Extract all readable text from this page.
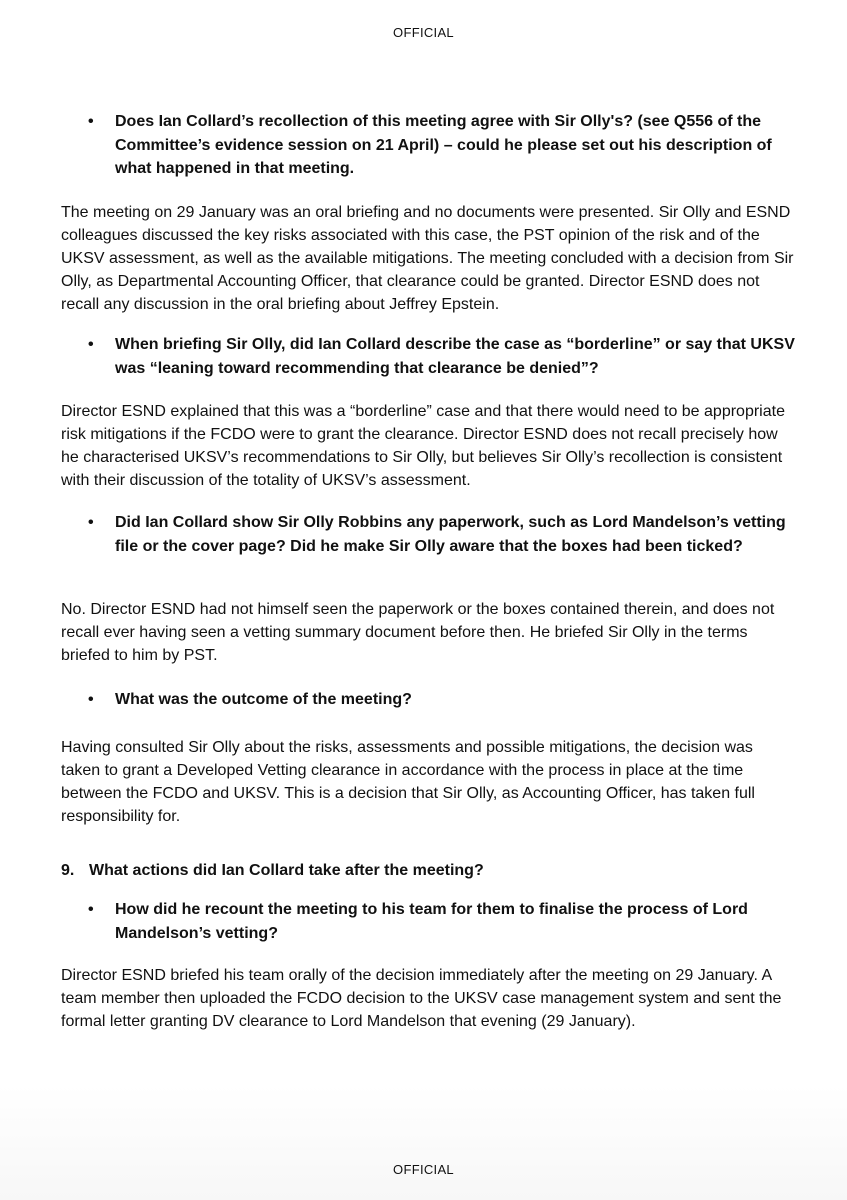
OFFICIAL
• Does Ian Collard’s recollection of this meeting agree with Sir Olly's? (see Q556 of the Committee’s evidence session on 21 April) – could he please set out his description of what happened in that meeting.

The meeting on 29 January was an oral briefing and no documents were presented. Sir Olly and ESND colleagues discussed the key risks associated with this case, the PST opinion of the risk and of the UKSV assessment, as well as the available mitigations. The meeting concluded with a decision from Sir Olly, as Departmental Accounting Officer, that clearance could be granted. Director ESND does not recall any discussion in the oral briefing about Jeffrey Epstein.

• When briefing Sir Olly, did Ian Collard describe the case as “borderline” or say that UKSV was “leaning toward recommending that clearance be denied”?

Director ESND explained that this was a “borderline” case and that there would need to be appropriate risk mitigations if the FCDO were to grant the clearance. Director ESND does not recall precisely how he characterised UKSV’s recommendations to Sir Olly, but believes Sir Olly’s recollection is consistent with their discussion of the totality of UKSV’s assessment.

• Did Ian Collard show Sir Olly Robbins any paperwork, such as Lord Mandelson’s vetting file or the cover page? Did he make Sir Olly aware that the boxes had been ticked?

No. Director ESND had not himself seen the paperwork or the boxes contained therein, and does not recall ever having seen a vetting summary document before then. He briefed Sir Olly in the terms briefed to him by PST.

• What was the outcome of the meeting?

Having consulted Sir Olly about the risks, assessments and possible mitigations, the decision was taken to grant a Developed Vetting clearance in accordance with the process in place at the time between the FCDO and UKSV. This is a decision that Sir Olly, as Accounting Officer, has taken full responsibility for.

9. What actions did Ian Collard take after the meeting?

• How did he recount the meeting to his team for them to finalise the process of Lord Mandelson’s vetting?

Director ESND briefed his team orally of the decision immediately after the meeting on 29 January. A team member then uploaded the FCDO decision to the UKSV case management system and sent the formal letter granting DV clearance to Lord Mandelson that evening (29 January).

OFFICIAL
